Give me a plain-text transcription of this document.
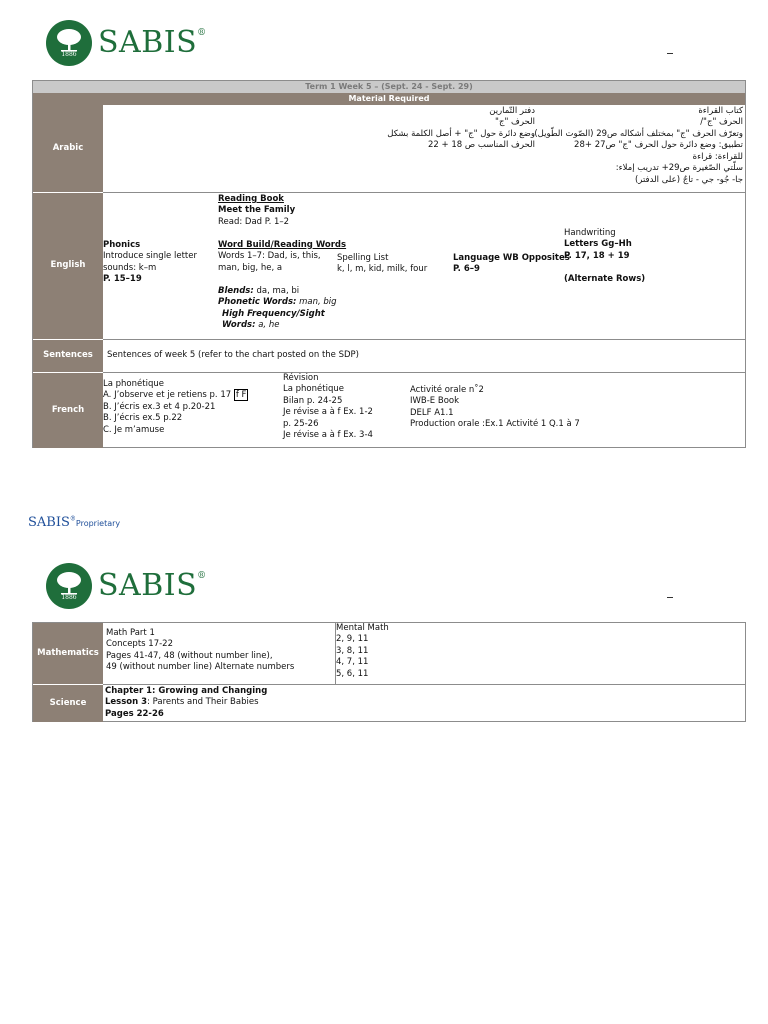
1886 SABIS®
Term 1 Week 5 – (Sept. 24 - Sept. 29)
Material Required
Arabic
كتاب القراءة
الحرف "ج"/
وتعرّف الحرف "ج" بمختلف أشكاله ص29 (الصّوت الطّويل)
تطبيق: وضع دائرة حول الحرف "ج" ص27 +28
للقراءة: قراءة
سلّتي الصّغيرة ص29+ تدريب إملاء:
جا- جُو- جي - تاجٌ (على الدفتر)
دفتر التّمارين
الحرف "ج"
وضع دائرة حول "ج" + أصل الكلمة بشكل
الحرف المناسب ص 18 + 22
English
Phonics
Introduce single letter
sounds: k–m
P. 15–19
Reading Book
Meet the Family
Read: Dad P. 1–2

Word Build/Reading Words
Words 1–7: Dad, is, this,
man, big, he, a

Blends: da, ma, bi
Phonetic Words: man, big
High Frequency/Sight
Words: a, he
Spelling List
k, l, m, kid, milk, four
Language WB Opposites
P. 6–9
Handwriting
Letters Gg–Hh
P. 17, 18 + 19

(Alternate Rows)
Sentences	Sentences of week 5 (refer to the chart posted on the SDP)
French
La phonétique
A. J’observe et je retiens p. 17 f F
B. J’écris ex.3 et 4 p.20-21
B. J’écris ex.5 p.22
C. Je m’amuse
Révision
La phonétique
Bilan p. 24-25
Je révise a à f Ex. 1-2
p. 25-26
Je révise a à f Ex. 3-4
Activité orale n˚2
IWB-E Book
DELF A1.1
Production orale :Ex.1 Activité 1 Q.1 à 7
SABIS®Proprietary
1886 SABIS®
Mathematics
Math Part 1
Concepts 17-22
Pages 41-47, 48 (without number line),
49 (without number line) Alternate numbers
Mental Math
2, 9, 11
3, 8, 11
4, 7, 11
5, 6, 11
Science
Chapter 1: Growing and Changing
Lesson 3: Parents and Their Babies
Pages 22-26
